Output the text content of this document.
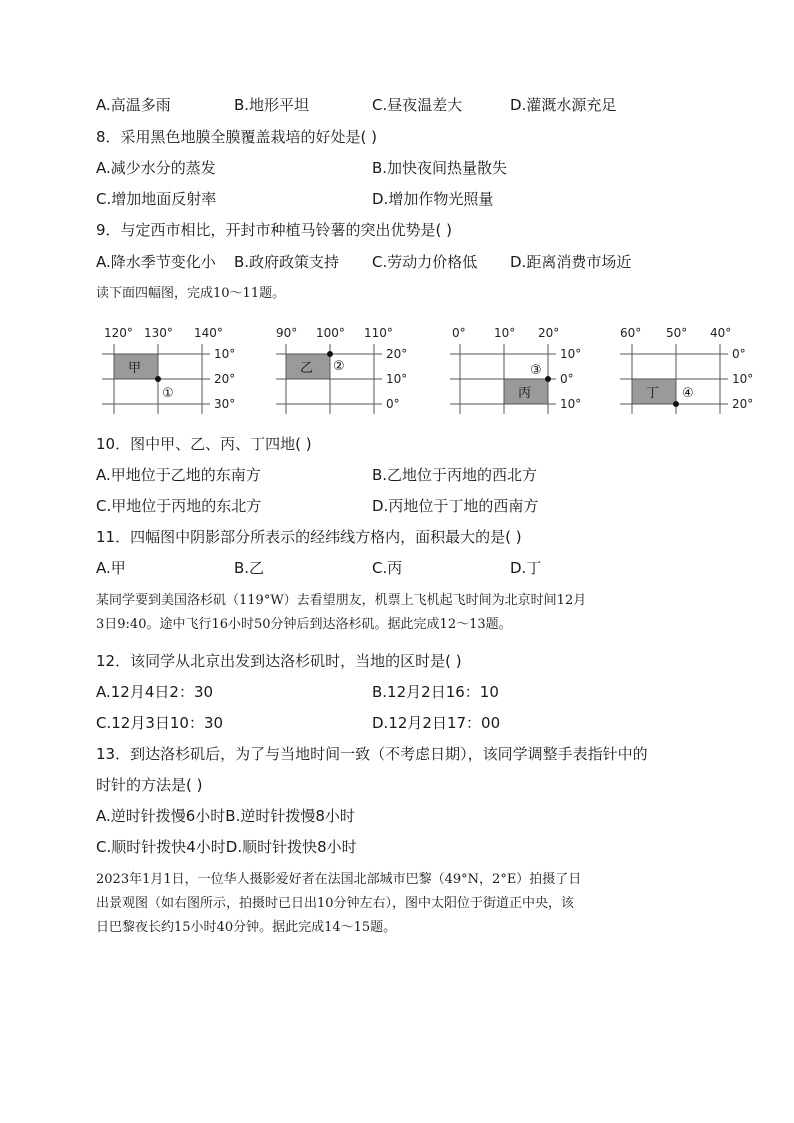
A.高温多雨	B.地形平坦	C.昼夜温差大	D.灌溉水源充足
8．采用黑色地膜全膜覆盖栽培的好处是( )
A.减少水分的蒸发	B.加快夜间热量散失
C.增加地面反射率	D.增加作物光照量
9．与定西市相比，开封市种植马铃薯的突出优势是( )
A.降水季节变化小 B.政府政策支持 C.劳动力价格低 D.距离消费市场近
读下面四幅图，完成10～11题。
120° 130° 140°
甲
①
10°
20°
30°
90° 100° 110°
乙 ②
20°
10°
0°
0° 10° 20°
丙
③
10°
0°
10°
60° 50° 40°
丁 ④
0°
10°
20°
10．图中甲、乙、丙、丁四地( )
A.甲地位于乙地的东南方	B.乙地位于丙地的西北方
C.甲地位于丙地的东北方	D.丙地位于丁地的西南方
11．四幅图中阴影部分所表示的经纬线方格内，面积最大的是( )
A.甲	B.乙	C.丙	D.丁
某同学要到美国洛杉矶（119°W）去看望朋友，机票上飞机起飞时间为北京时间12月
3日9:40。途中飞行16小时50分钟后到达洛杉矶。据此完成12～13题。
12．该同学从北京出发到达洛杉矶时，当地的区时是( )
A.12月4日2：30	B.12月2日16：10
C.12月3日10：30	D.12月2日17：00
13．到达洛杉矶后，为了与当地时间一致（不考虑日期），该同学调整手表指针中的
时针的方法是( )
A.逆时针拨慢6小时B.逆时针拨慢8小时
C.顺时针拨快4小时D.顺时针拨快8小时
2023年1月1日，一位华人摄影爱好者在法国北部城市巴黎（49°N，2°E）拍摄了日
出景观图（如右图所示，拍摄时已日出10分钟左右），图中太阳位于街道正中央，该
日巴黎夜长约15小时40分钟。据此完成14～15题。
